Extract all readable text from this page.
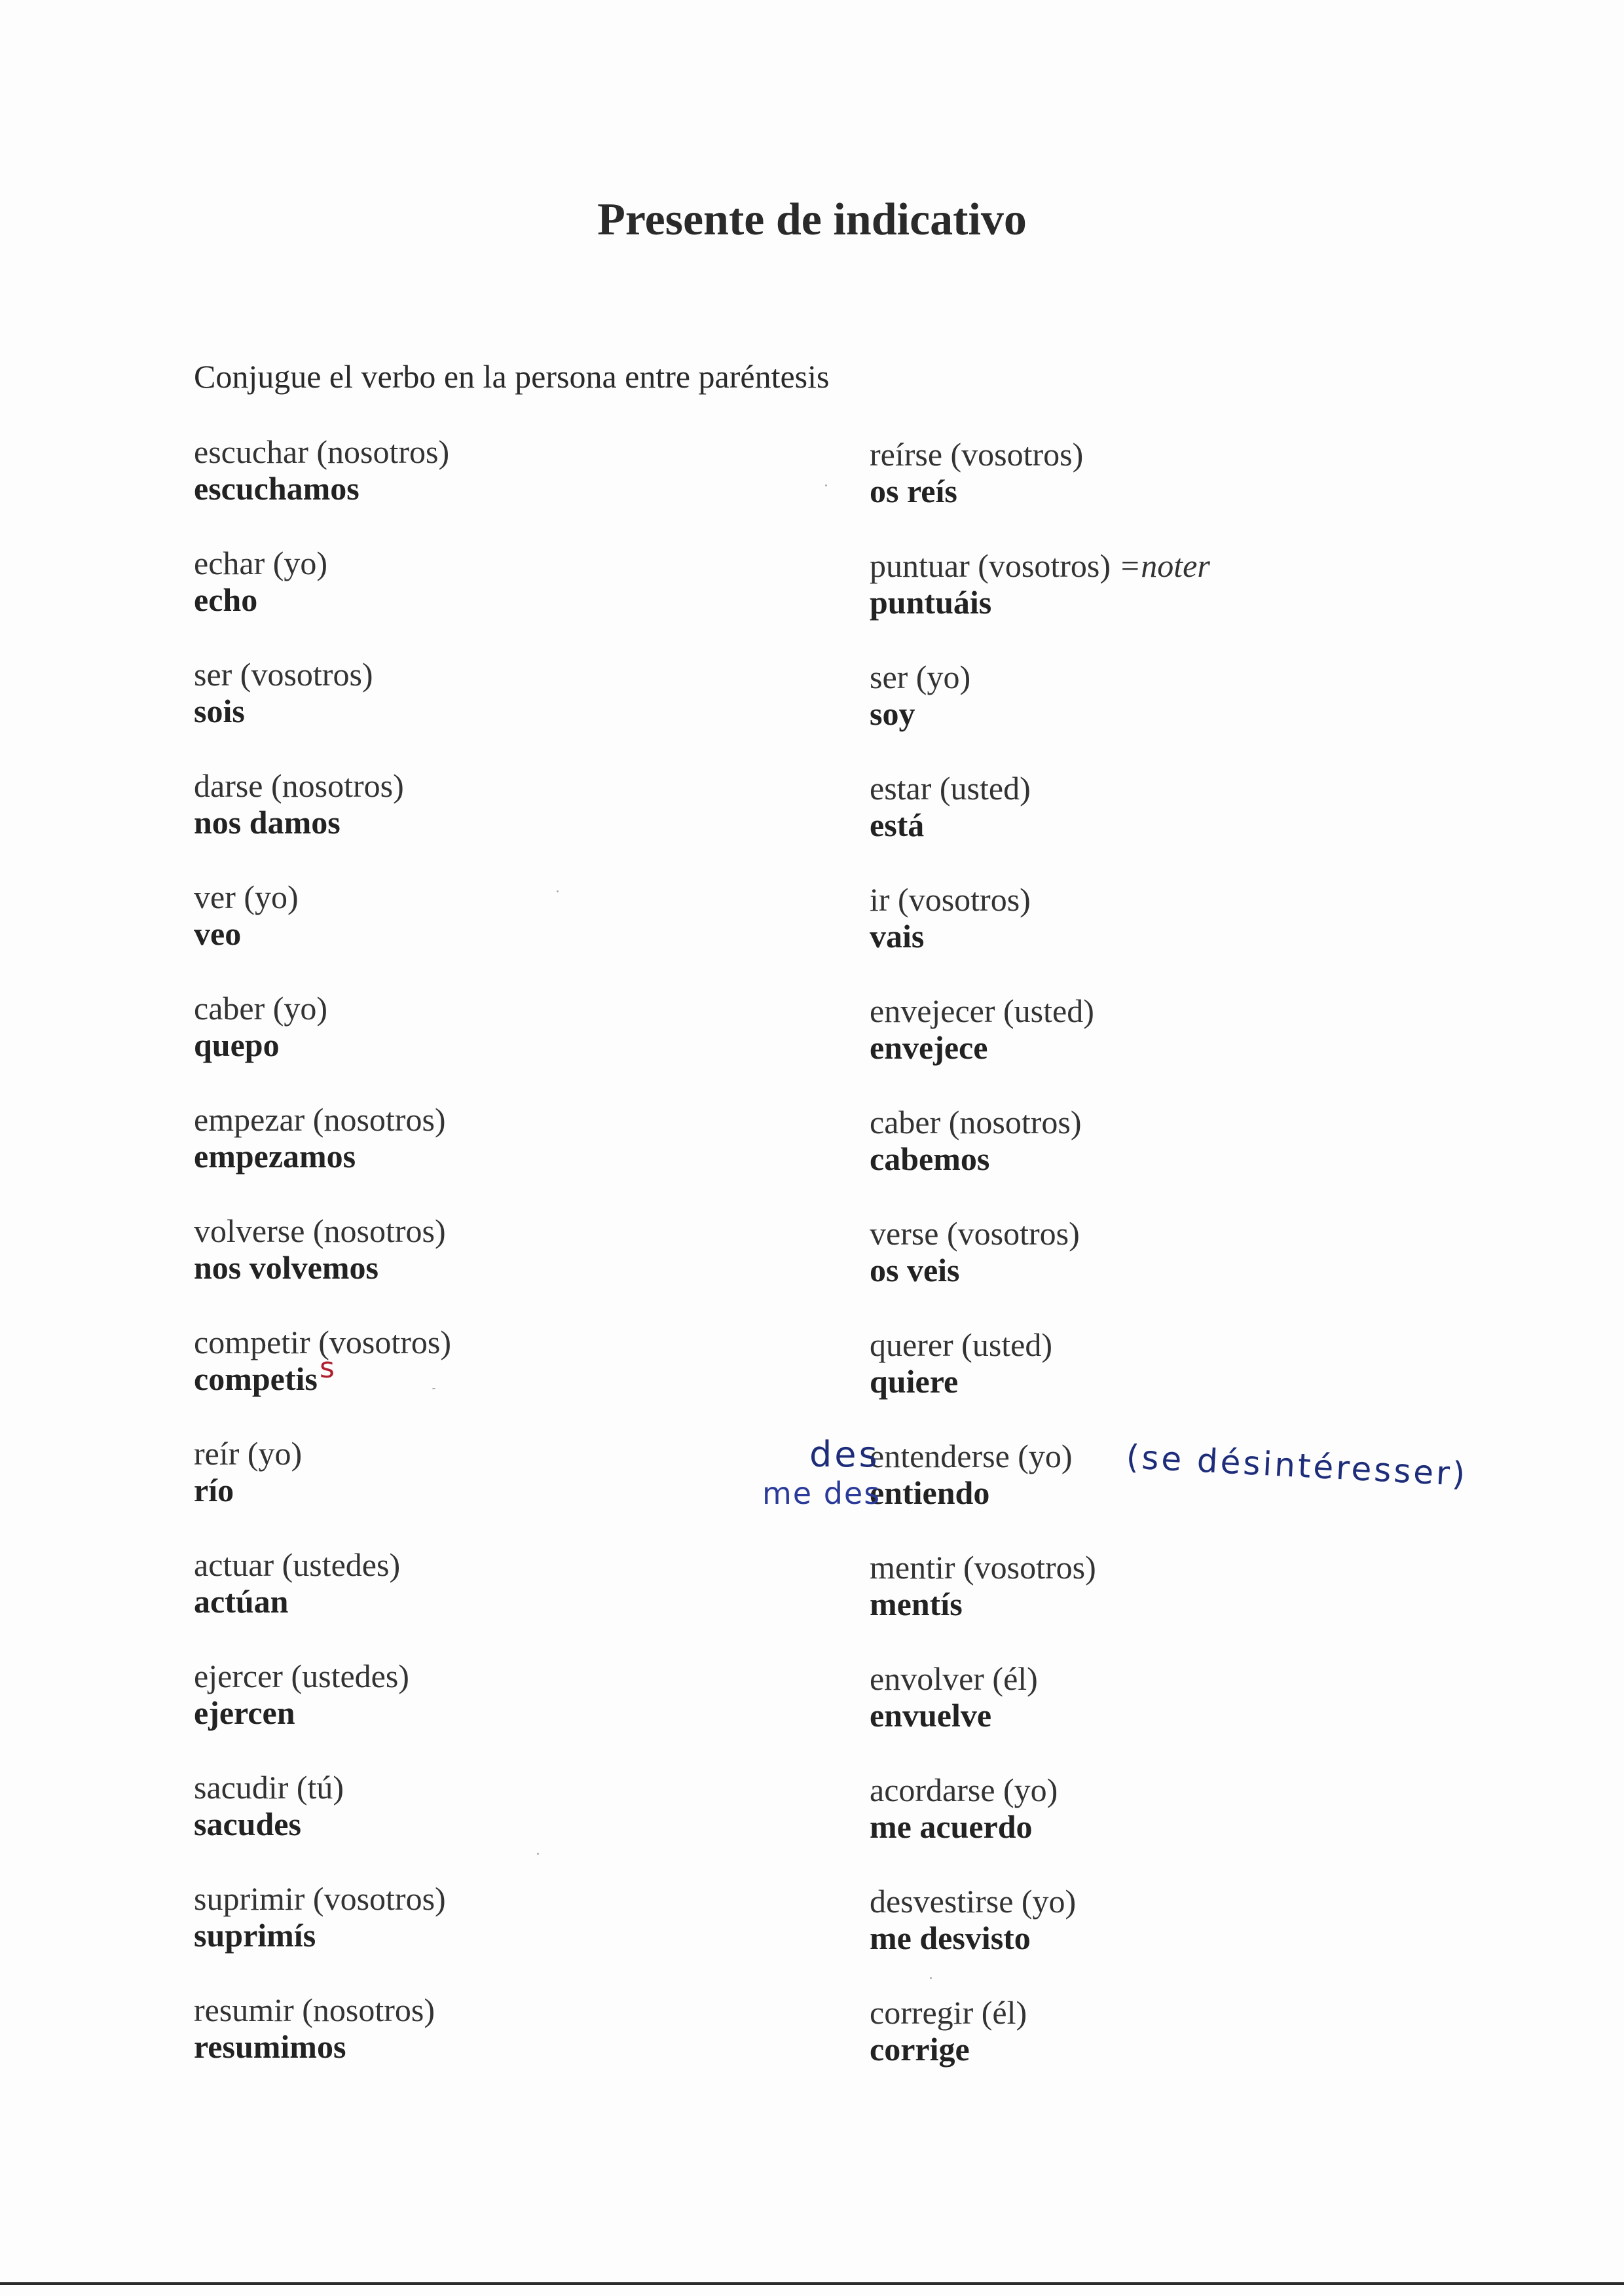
Presente de indicativo
Conjugue el verbo en la persona entre paréntesis
escuchar (nosotros)
escuchamos
echar (yo)
echo
ser (vosotros)
sois
darse (nosotros)
nos damos
ver (yo)
veo
caber (yo)
quepo
empezar (nosotros)
empezamos
volverse (nosotros)
nos volvemos
competir (vosotros)
competis
reír (yo)
río
actuar (ustedes)
actúan
ejercer (ustedes)
ejercen
sacudir (tú)
sacudes
suprimir (vosotros)
suprimís
resumir (nosotros)
resumimos
reírse (vosotros)
os reís
puntuar (vosotros) =noter
puntuáis
ser (yo)
soy
estar (usted)
está
ir (vosotros)
vais
envejecer (usted)
envejece
caber (nosotros)
cabemos
verse (vosotros)
os veis
querer (usted)
quiere
entenderse (yo)
entiendo
mentir (vosotros)
mentís
envolver (él)
envuelve
acordarse (yo)
me acuerdo
desvestirse (yo)
me desvisto
corregir (él)
corrige
s
des
me des	(se désintéresser)
